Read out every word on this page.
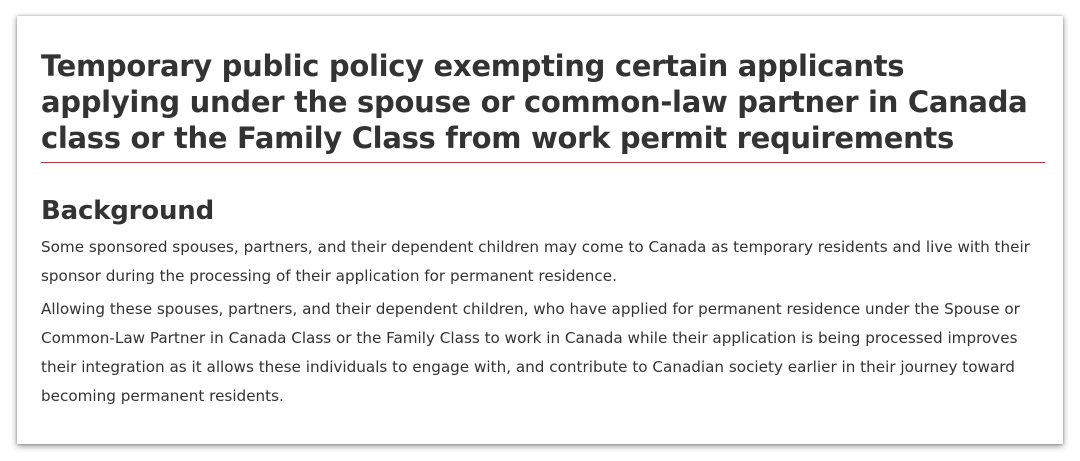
Temporary public policy exempting certain applicants applying under the spouse or common-law partner in Canada class or the Family Class from work permit requirements
Background

Some sponsored spouses, partners, and their dependent children may come to Canada as temporary residents and live with their sponsor during the processing of their application for permanent residence.

Allowing these spouses, partners, and their dependent children, who have applied for permanent residence under the Spouse or Common-Law Partner in Canada Class or the Family Class to work in Canada while their application is being processed improves their integration as it allows these individuals to engage with, and contribute to Canadian society earlier in their journey toward becoming permanent residents.
